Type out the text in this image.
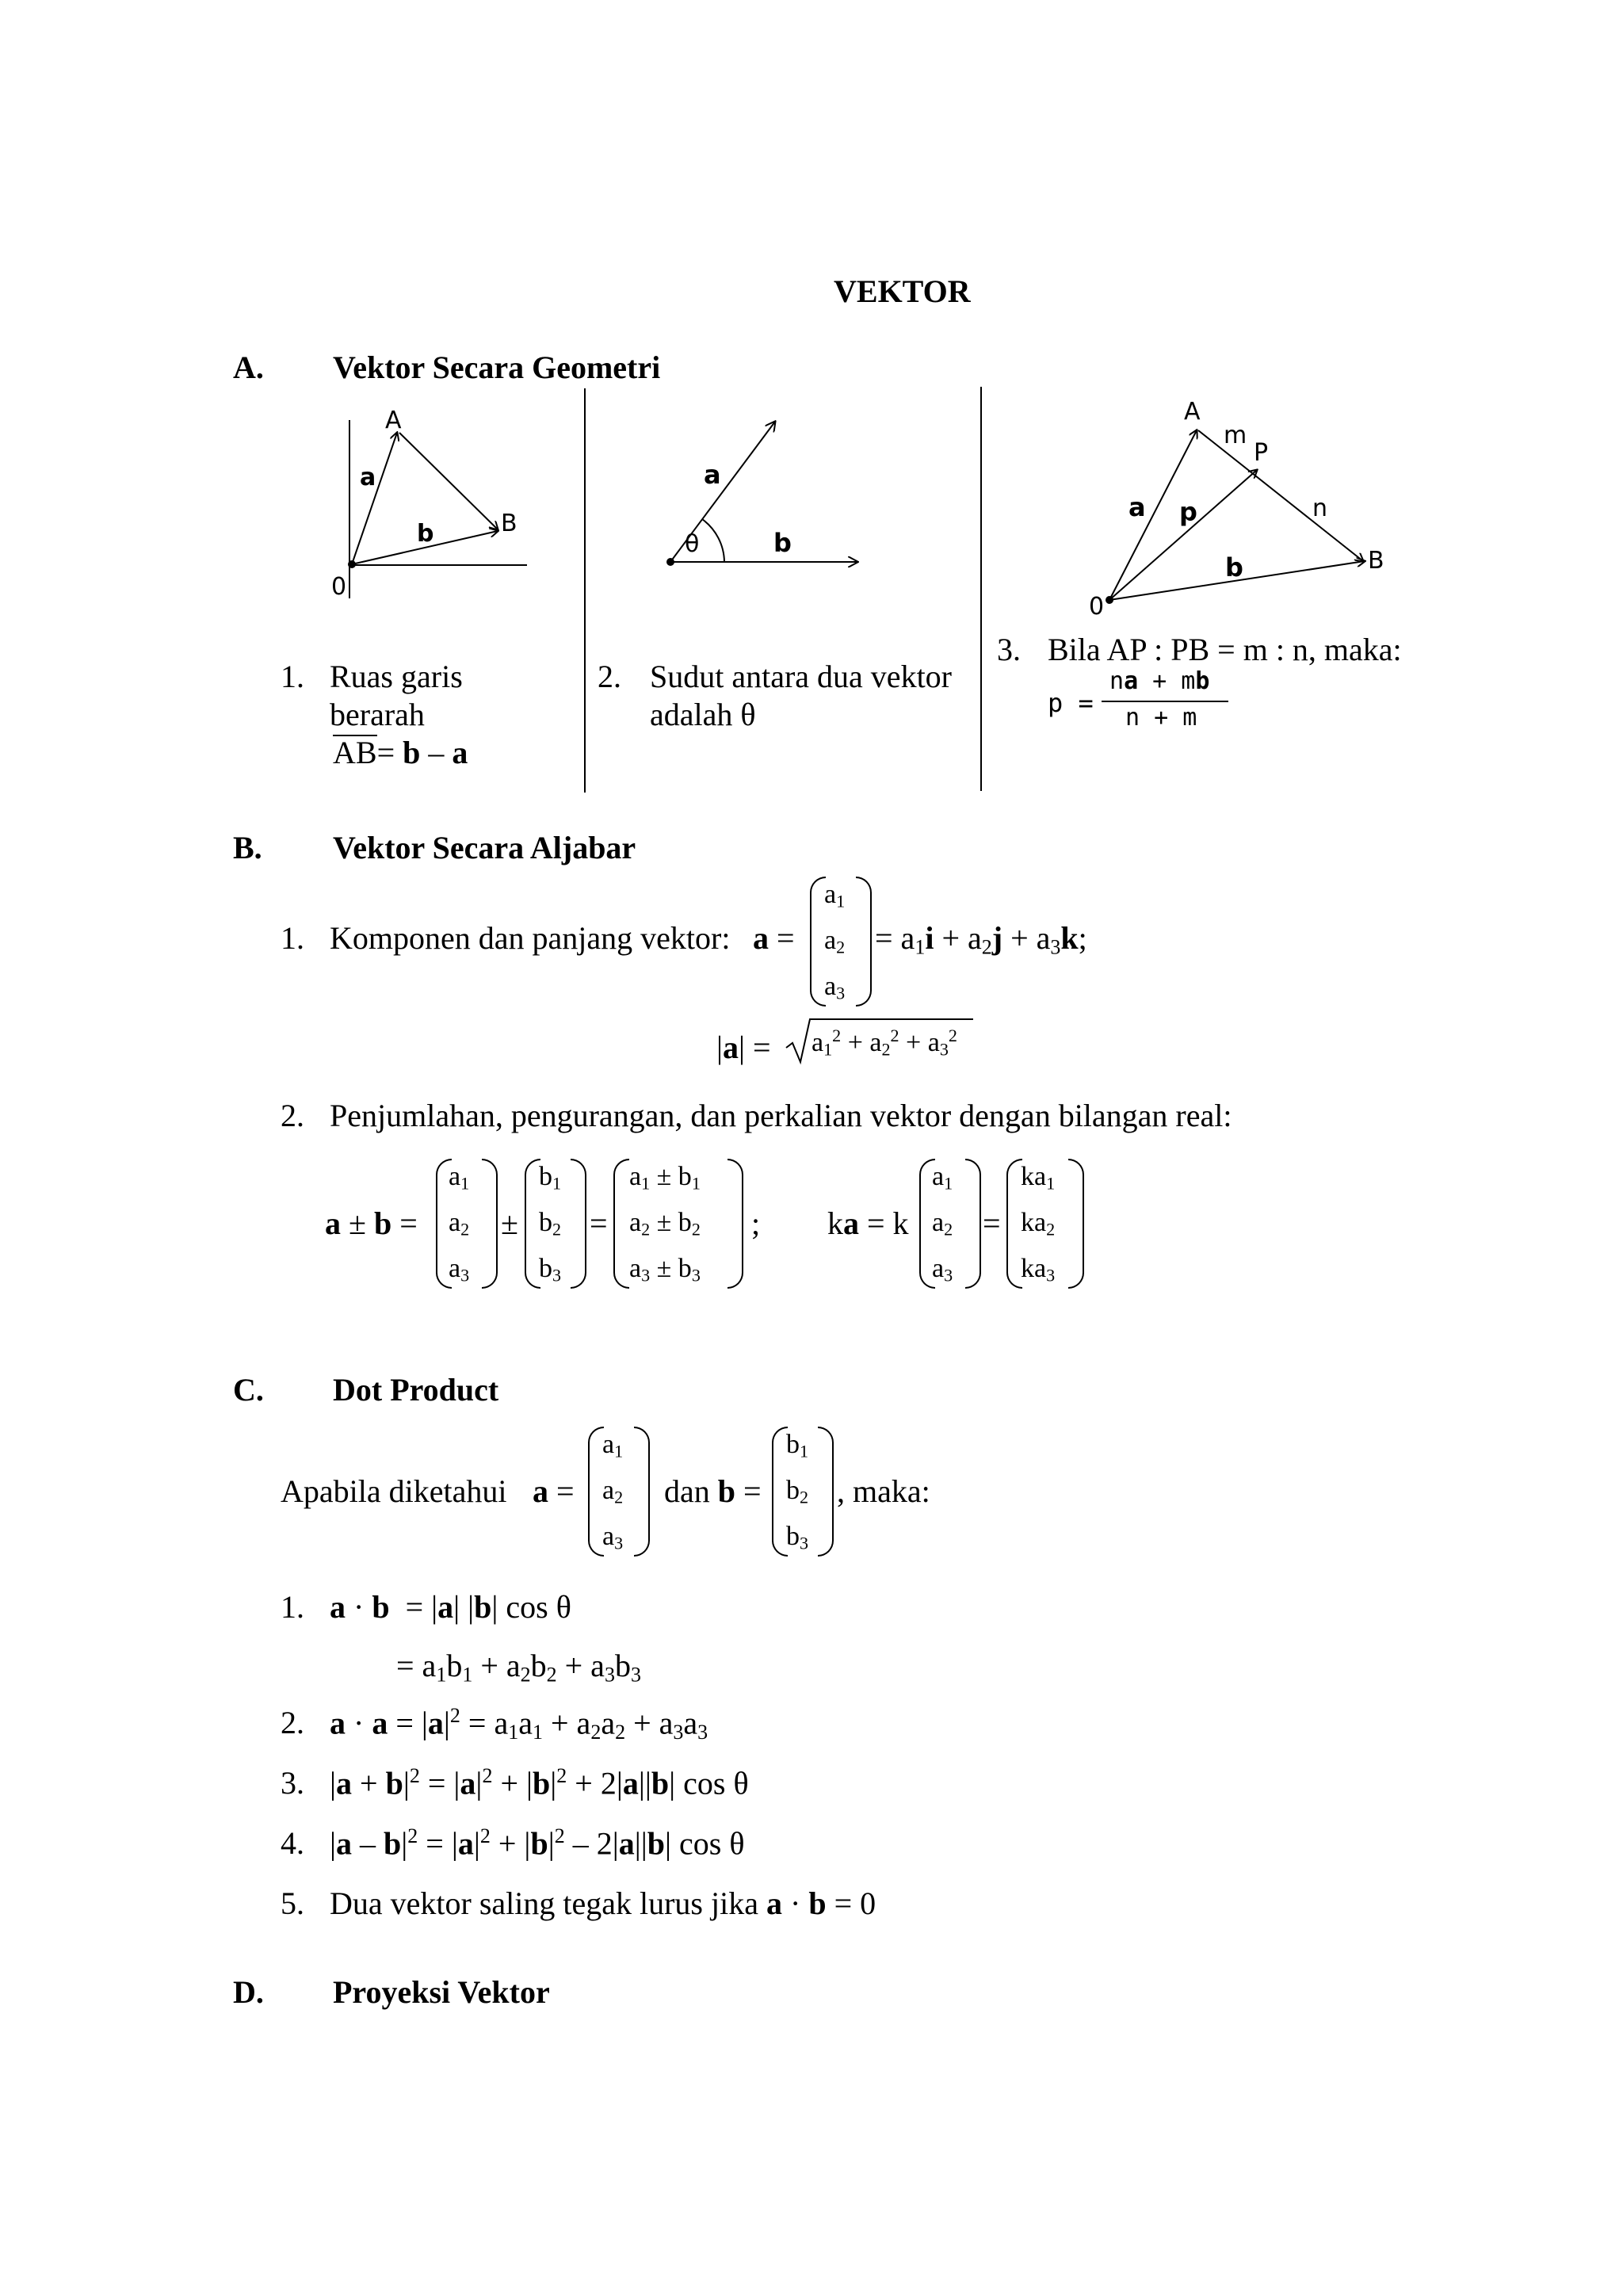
VEKTOR
A. Vektor Secara Geometri
A
a
b	B
0
a
θ	b
A
m
P
a p	n
b	B
0
1. Ruas garis
berarah
AB= b – a
2. Sudut antara dua vektor
adalah θ
3. Bila AP : PB = m : n, maka:
p =
na + mb
n + m
B. Vektor Secara Aljabar
1. Komponen dan panjang vektor: a =
$a_1$
$a_2$
$a_3$
= $a_1i + a_2j + a_3k$;
$|a| = a_1^2 + a_2^2 + a_3^2$
2. Penjumlahan, pengurangan, dan perkalian vektor dengan bilangan real:
a ± b =
$a_1$
$a_2$
$a_3$
±
$b_1$
$b_2$
$b_3$
=
$a_1 \pm b_1$
$a_2 \pm b_2$
$a_3 \pm b_3$
; ka = k
$a_1$
$a_2$
$a_3$
=
$ka_1$
$ka_2$
$ka_3$
C. Dot Product
Apabila diketahui a =
$a_1$
$a_2$
$a_3$
dan b =
$b_1$
$b_2$
$b_3$
, maka:
1. a · b  = |a| |b| cos θ
= $a_1b_1 + a_2b_2 + a_3b_3$
2. $a \cdot a = |a|^2 = a_1a_1 + a_2a_2 + a_3a_3$
3. $|a + b|^2 = |a|^2 + |b|^2 + 2|a||b|$ cos θ
4. $|a - b|^2 = |a|^2 + |b|^2 - 2|a||b|$ cos θ
5. Dua vektor saling tegak lurus jika a · b = 0
D. Proyeksi Vektor
